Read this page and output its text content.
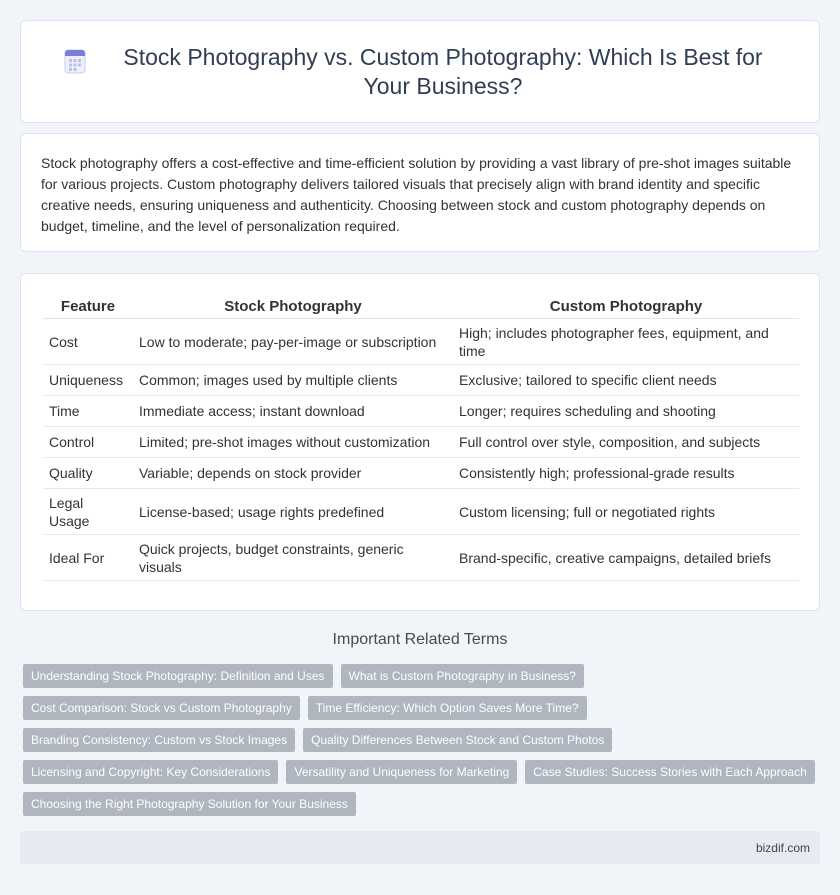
Stock Photography vs. Custom Photography: Which Is Best for Your Business?

Stock photography offers a cost-effective and time-efficient solution by providing a vast library of pre-shot images suitable for various projects. Custom photography delivers tailored visuals that precisely align with brand identity and specific creative needs, ensuring uniqueness and authenticity. Choosing between stock and custom photography depends on budget, timeline, and the level of personalization required.

Feature	Stock Photography	Custom Photography
Cost	Low to moderate; pay-per-image or subscription	High; includes photographer fees, equipment, and time
Uniqueness	Common; images used by multiple clients	Exclusive; tailored to specific client needs
Time	Immediate access; instant download	Longer; requires scheduling and shooting
Control	Limited; pre-shot images without customization	Full control over style, composition, and subjects
Quality	Variable; depends on stock provider	Consistently high; professional-grade results
Legal Usage	License-based; usage rights predefined	Custom licensing; full or negotiated rights
Ideal For	Quick projects, budget constraints, generic visuals	Brand-specific, creative campaigns, detailed briefs
Important Related Terms
Understanding Stock Photography: Definition and Uses What is Custom Photography in Business?
Cost Comparison: Stock vs Custom Photography Time Efficiency: Which Option Saves More Time?
Branding Consistency: Custom vs Stock Images Quality Differences Between Stock and Custom Photos
Licensing and Copyright: Key Considerations Versatility and Uniqueness for Marketing Case Studies: Success Stories with Each Approach
Choosing the Right Photography Solution for Your Business
bizdif.com
